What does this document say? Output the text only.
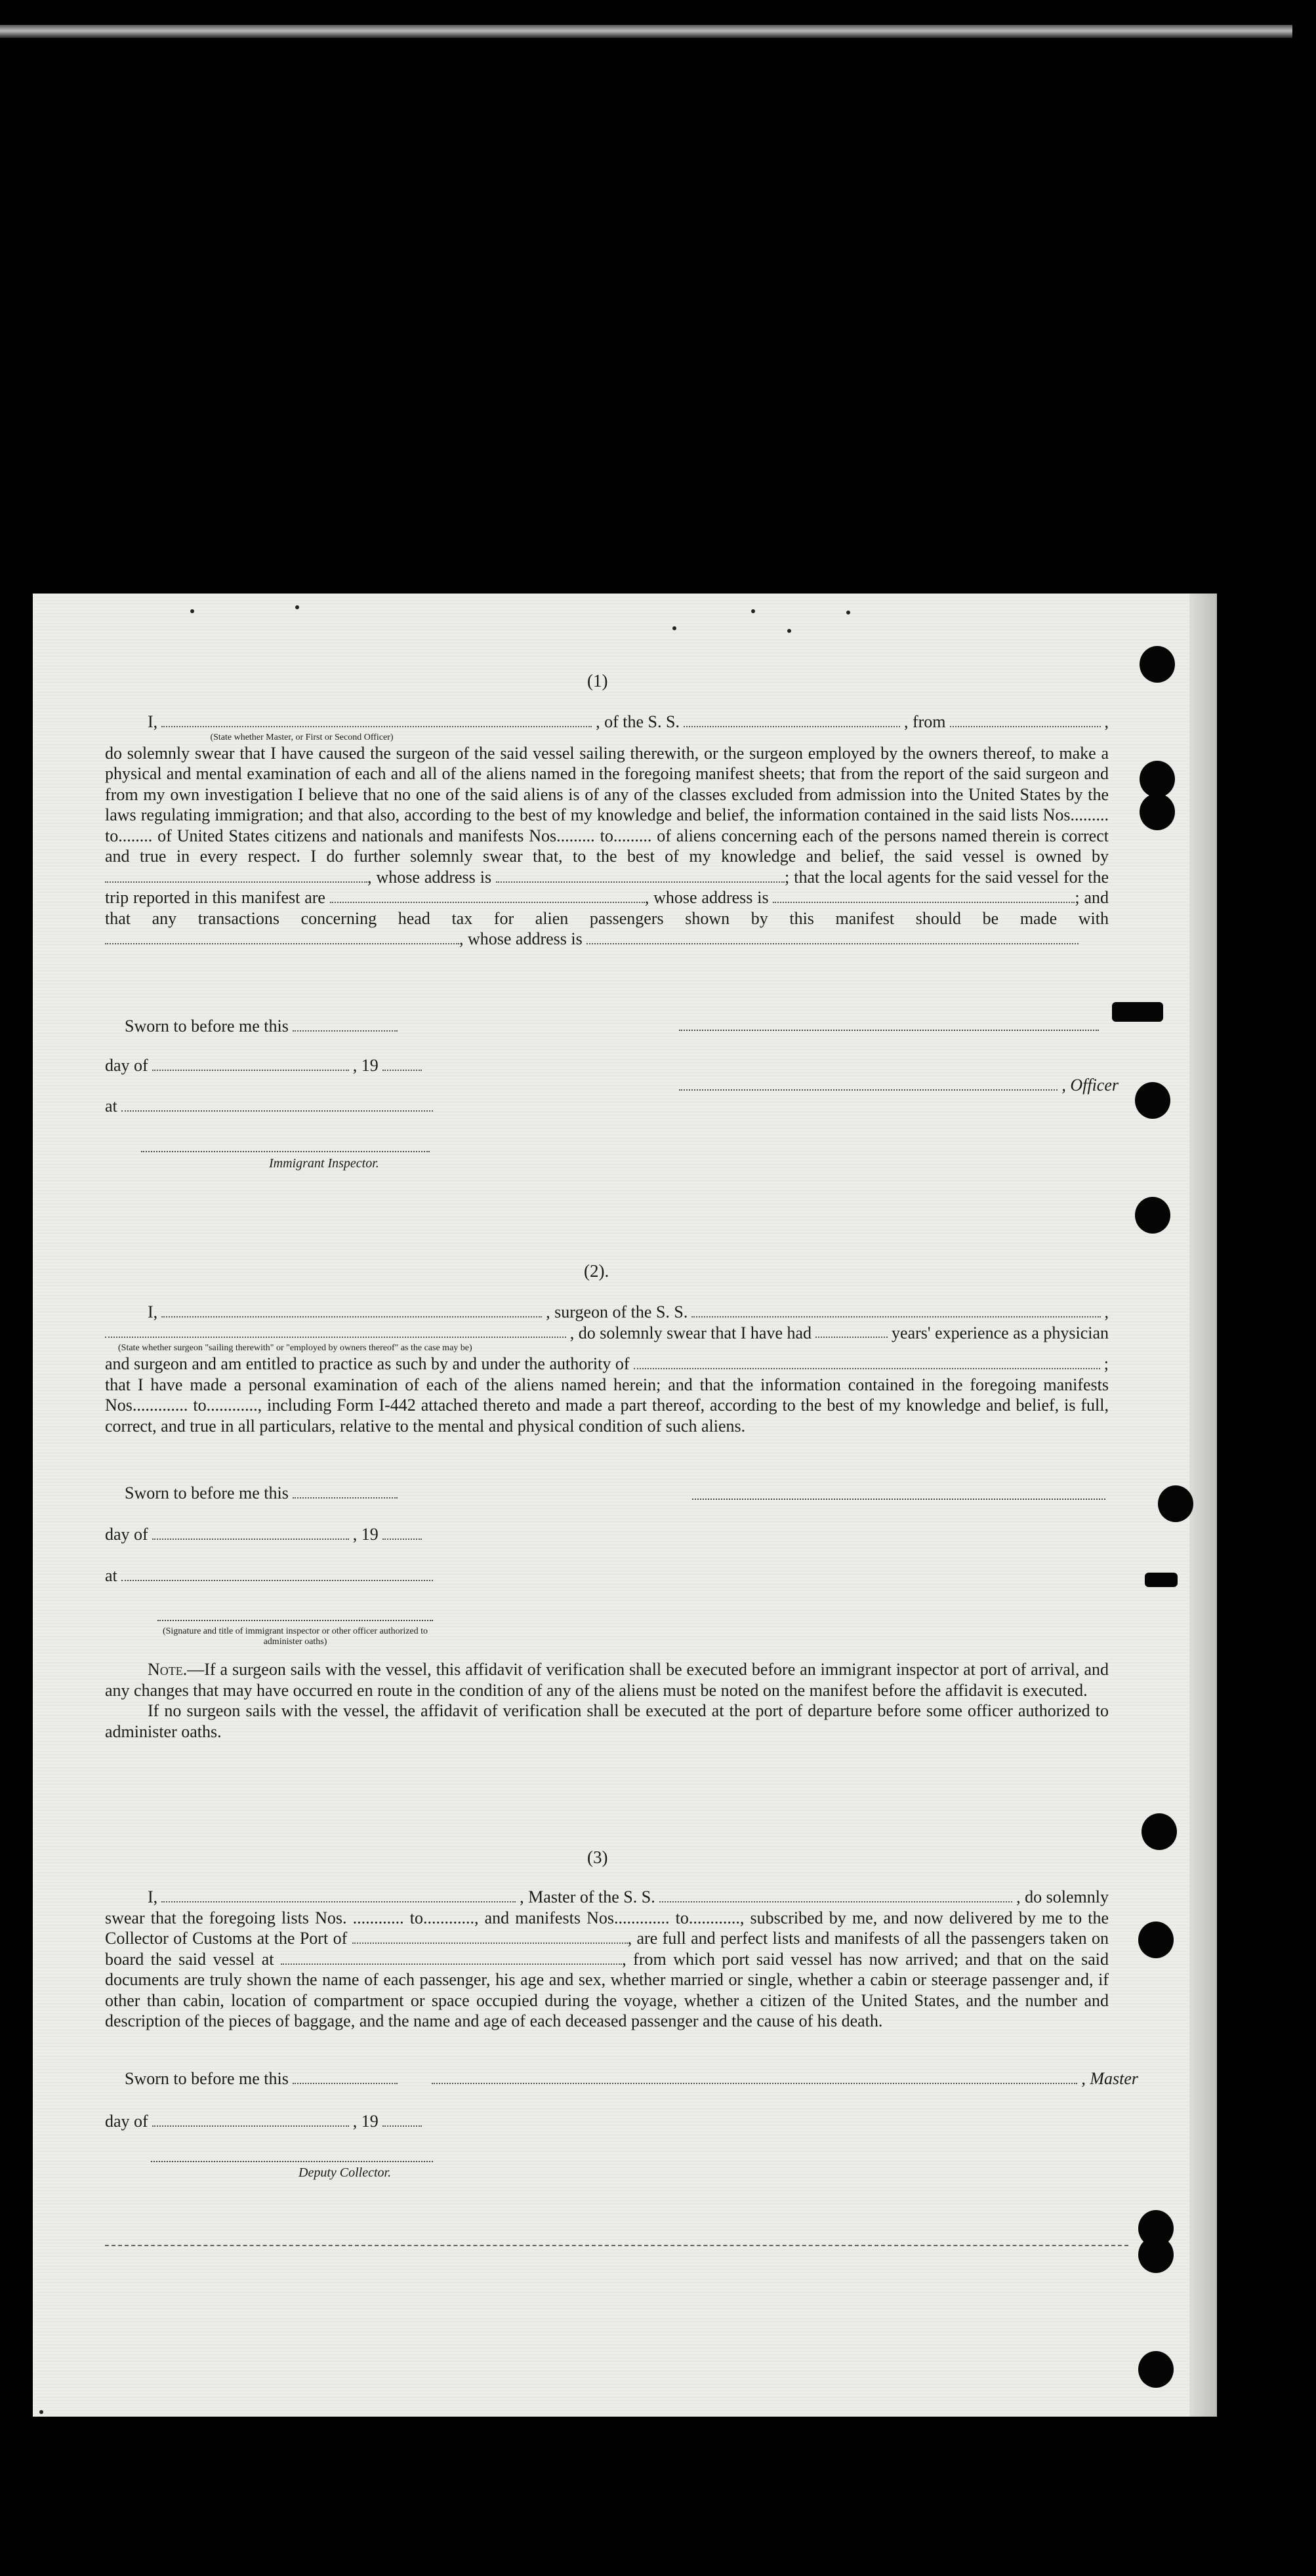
(1)
I,	, of the S. S.	, from	,
(State whether Master, or First or Second Officer)
do solemnly swear that I have caused the surgeon of the said vessel sailing therewith, or the surgeon employed by the owners thereof, to make a physical and mental examination of each and all of the aliens named in the foregoing manifest sheets; that from the report of the said surgeon and from my own investigation I believe that no one of the said aliens is of any of the classes excluded from admission into the United States by the laws regulating immigration; and that also, according to the best of my knowledge and belief, the information contained in the said lists Nos......... to........ of United States citizens and nationals and manifests Nos......... to......... of aliens concerning each of the persons named therein is correct and true in every respect. I do further solemnly swear that, to the best of my knowledge and belief, the said vessel is owned by , whose address is	; that the local agents for the said vessel for the trip reported in this manifest are	, whose address is	; and that any transactions concerning head tax for alien passengers shown by this manifest should be made with , whose address is
Sworn to before me this
day of	, 19
, Officer
at
Immigrant Inspector.
(2).
I,	, surgeon of the S. S.	,
, do solemnly swear that I have had	years' experience as a physician
(State whether surgeon "sailing therewith" or "employed by owners thereof" as the case may be)
and surgeon and am entitled to practice as such by and under the authority of	;
that I have made a personal examination of each of the aliens named herein; and that the information contained in the foregoing manifests Nos............. to............, including Form I-442 attached thereto and made a part thereof, according to the best of my knowledge and belief, is full, correct, and true in all particulars, relative to the mental and physical condition of such aliens.
Sworn to before me this
day of	, 19
at
(Signature and title of immigrant inspector or other officer authorized to administer oaths)
Note.—If a surgeon sails with the vessel, this affidavit of verification shall be executed before an immigrant inspector at port of arrival, and any changes that may have occurred en route in the condition of any of the aliens must be noted on the manifest before the affidavit is executed.
If no surgeon sails with the vessel, the affidavit of verification shall be executed at the port of departure before some officer authorized to administer oaths.
(3)
I,	, Master of the S. S.	, do solemnly
swear that the foregoing lists Nos. ............ to............, and manifests Nos............. to............, subscribed by me, and now delivered by me to the Collector of Customs at the Port of	, are full and perfect lists and manifests of all the passengers taken on board the said vessel at	, from which port said vessel has now arrived; and that on the said documents are truly shown the name of each passenger, his age and sex, whether married or single, whether a cabin or steerage passenger and, if other than cabin, location of compartment or space occupied during the voyage, whether a citizen of the United States, and the number and description of the pieces of baggage, and the name and age of each deceased passenger and the cause of his death.
Sworn to before me this	, Master
day of	, 19
Deputy Collector.
